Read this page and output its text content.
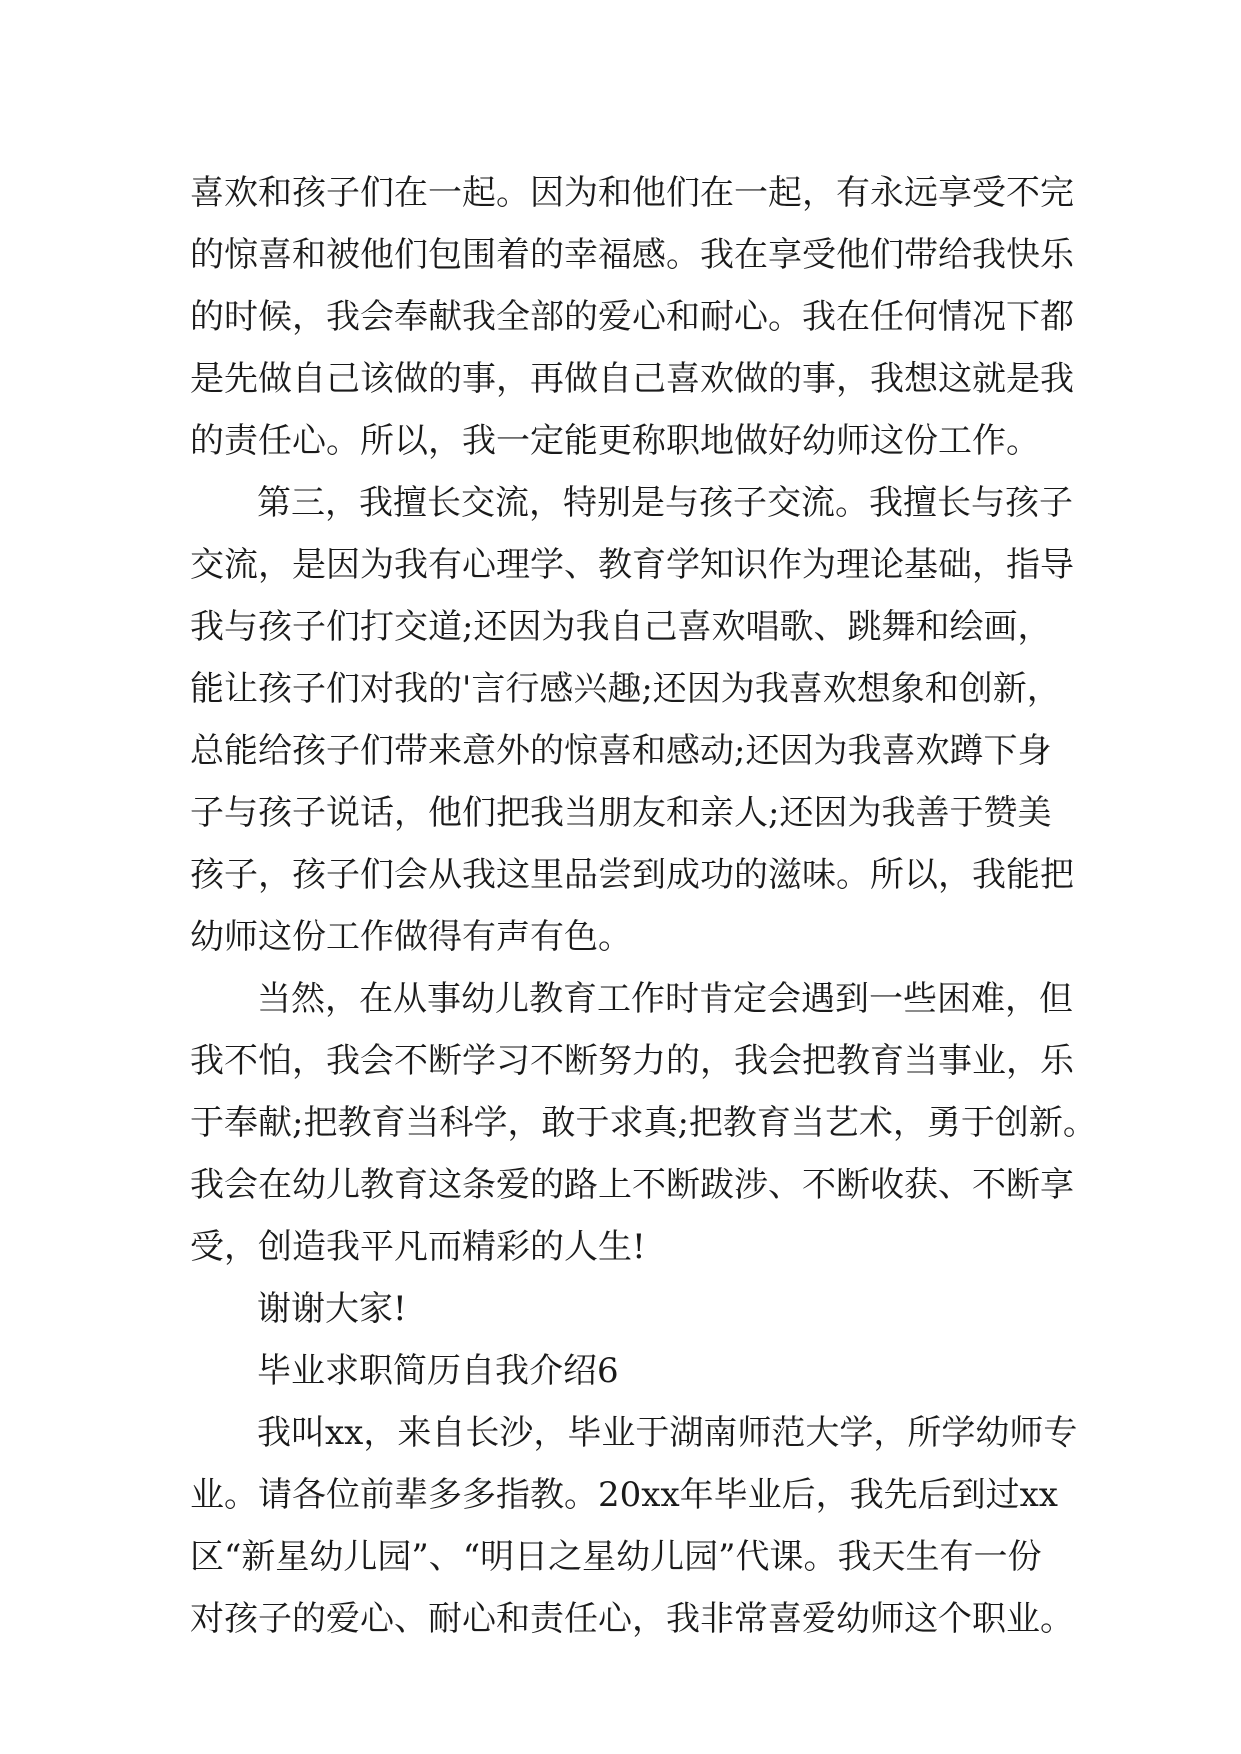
喜欢和孩子们在一起。因为和他们在一起，有永远享受不完
的惊喜和被他们包围着的幸福感。我在享受他们带给我快乐
的时候，我会奉献我全部的爱心和耐心。我在任何情况下都
是先做自己该做的事，再做自己喜欢做的事，我想这就是我
的责任心。所以，我一定能更称职地做好幼师这份工作。
第三，我擅长交流，特别是与孩子交流。我擅长与孩子
交流，是因为我有心理学、教育学知识作为理论基础，指导
我与孩子们打交道;还因为我自己喜欢唱歌、跳舞和绘画，
能让孩子们对我的'言行感兴趣;还因为我喜欢想象和创新，
总能给孩子们带来意外的惊喜和感动;还因为我喜欢蹲下身
子与孩子说话，他们把我当朋友和亲人;还因为我善于赞美
孩子，孩子们会从我这里品尝到成功的滋味。所以，我能把
幼师这份工作做得有声有色。
当然，在从事幼儿教育工作时肯定会遇到一些困难，但
我不怕，我会不断学习不断努力的，我会把教育当事业，乐
于奉献;把教育当科学，敢于求真;把教育当艺术，勇于创新。
我会在幼儿教育这条爱的路上不断跋涉、不断收获、不断享
受，创造我平凡而精彩的人生!
谢谢大家!
毕业求职简历自我介绍6
我叫xx，来自长沙，毕业于湖南师范大学，所学幼师专
业。请各位前辈多多指教。20xx年毕业后，我先后到过xx
区“新星幼儿园”、“明日之星幼儿园”代课。我天生有一份
对孩子的爱心、耐心和责任心，我非常喜爱幼师这个职业。
